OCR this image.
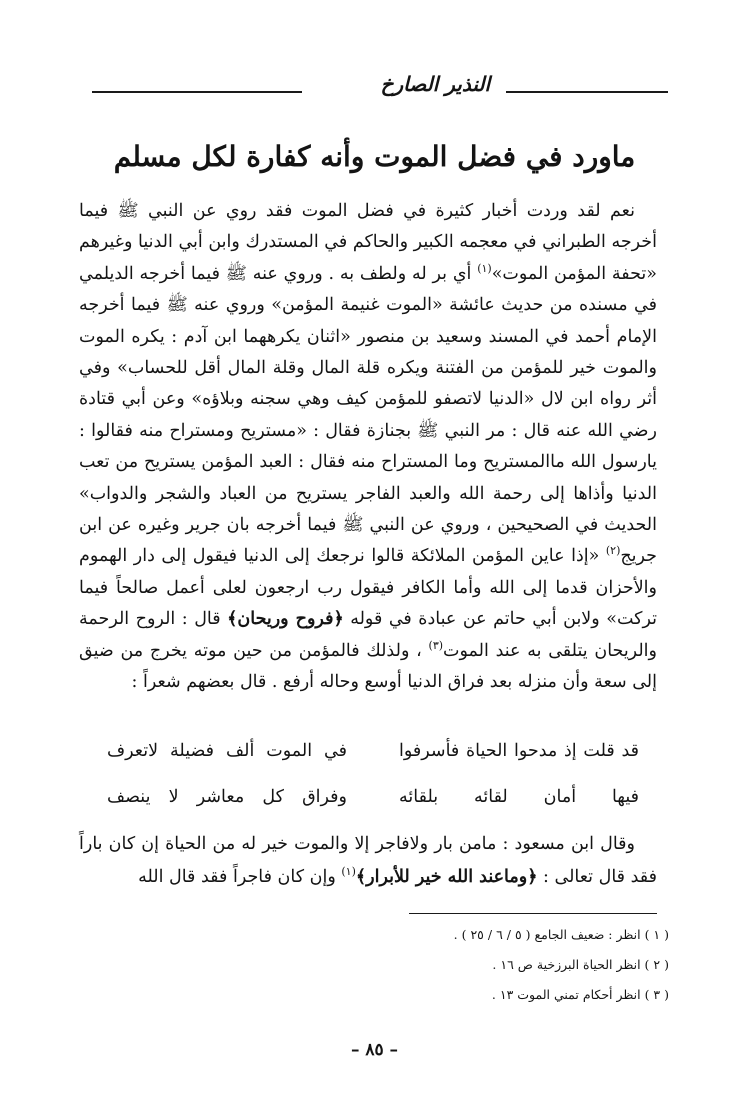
النذير الصارخ
ماورد في فضل الموت وأنه كفارة لكل مسلم

نعم لقد وردت أخبار كثيرة في فضل الموت فقد روي عن النبي ﷺ فيما أخرجه الطبراني في معجمه الكبير والحاكم في المستدرك وابن أبي الدنيا وغيرهم «تحفة المؤمن الموت»$^{(١)}$ أي بر له ولطف به . وروي عنه ﷺ فيما أخرجه الديلمي في مسنده من حديث عائشة «الموت غنيمة المؤمن» وروي عنه ﷺ فيما أخرجه الإمام أحمد في المسند وسعيد بن منصور «اثنان يكرههما ابن آدم : يكره الموت والموت خير للمؤمن من الفتنة ويكره قلة المال وقلة المال أقل للحساب» وفي أثر رواه ابن لال «الدنيا لاتصفو للمؤمن كيف وهي سجنه وبلاؤه» وعن أبي قتادة رضي الله عنه قال : مر النبي ﷺ بجنازة فقال : «مستريح ومستراح منه فقالوا : يارسول الله ماالمستريح وما المستراح منه فقال : العبد المؤمن يستريح من تعب الدنيا وأذاها إلى رحمة الله والعبد الفاجر يستريح من العباد والشجر والدواب» الحديث في الصحيحين ، وروي عن النبي ﷺ فيما أخرجه بان جرير وغيره عن ابن جريج$^{(٢)}$ «إذا عاين المؤمن الملائكة قالوا نرجعك إلى الدنيا فيقول إلى دار الهموم والأحزان قدما إلى الله وأما الكافر فيقول رب ارجعون لعلى أعمل صالحاً فيما تركت» ولابن أبي حاتم عن عبادة في قوله ﴿فروح وريحان﴾ قال : الروح الرحمة والريحان يتلقى به عند الموت$^{(٣)}$ ، ولذلك فالمؤمن من حين موته يخرج من ضيق إلى سعة وأن منزله بعد فراق الدنيا أوسع وحاله أرفع . قال بعضهم شعراً :

قد قلت إذ مدحوا الحياة فأسرفوا
في الموت ألف فضيلة لاتعرف
فيها أمان لقائه بلقائه
وفراق كل معاشر لا ينصف

وقال ابن مسعود : مامن بار ولافاجر إلا والموت خير له من الحياة إن كان باراً فقد قال تعالى : ﴿وماعند الله خير للأبرار﴾$^{(١)}$ وإن كان فاجراً فقد قال الله

( ١ ) انظر : ضعيف الجامع ( ٥ / ٦ / ٢٥ ) .
( ٢ ) انظر الحياة البرزخية ص ١٦ .
( ٣ ) انظر أحكام تمني الموت ١٣ .
– ٨٥ –
